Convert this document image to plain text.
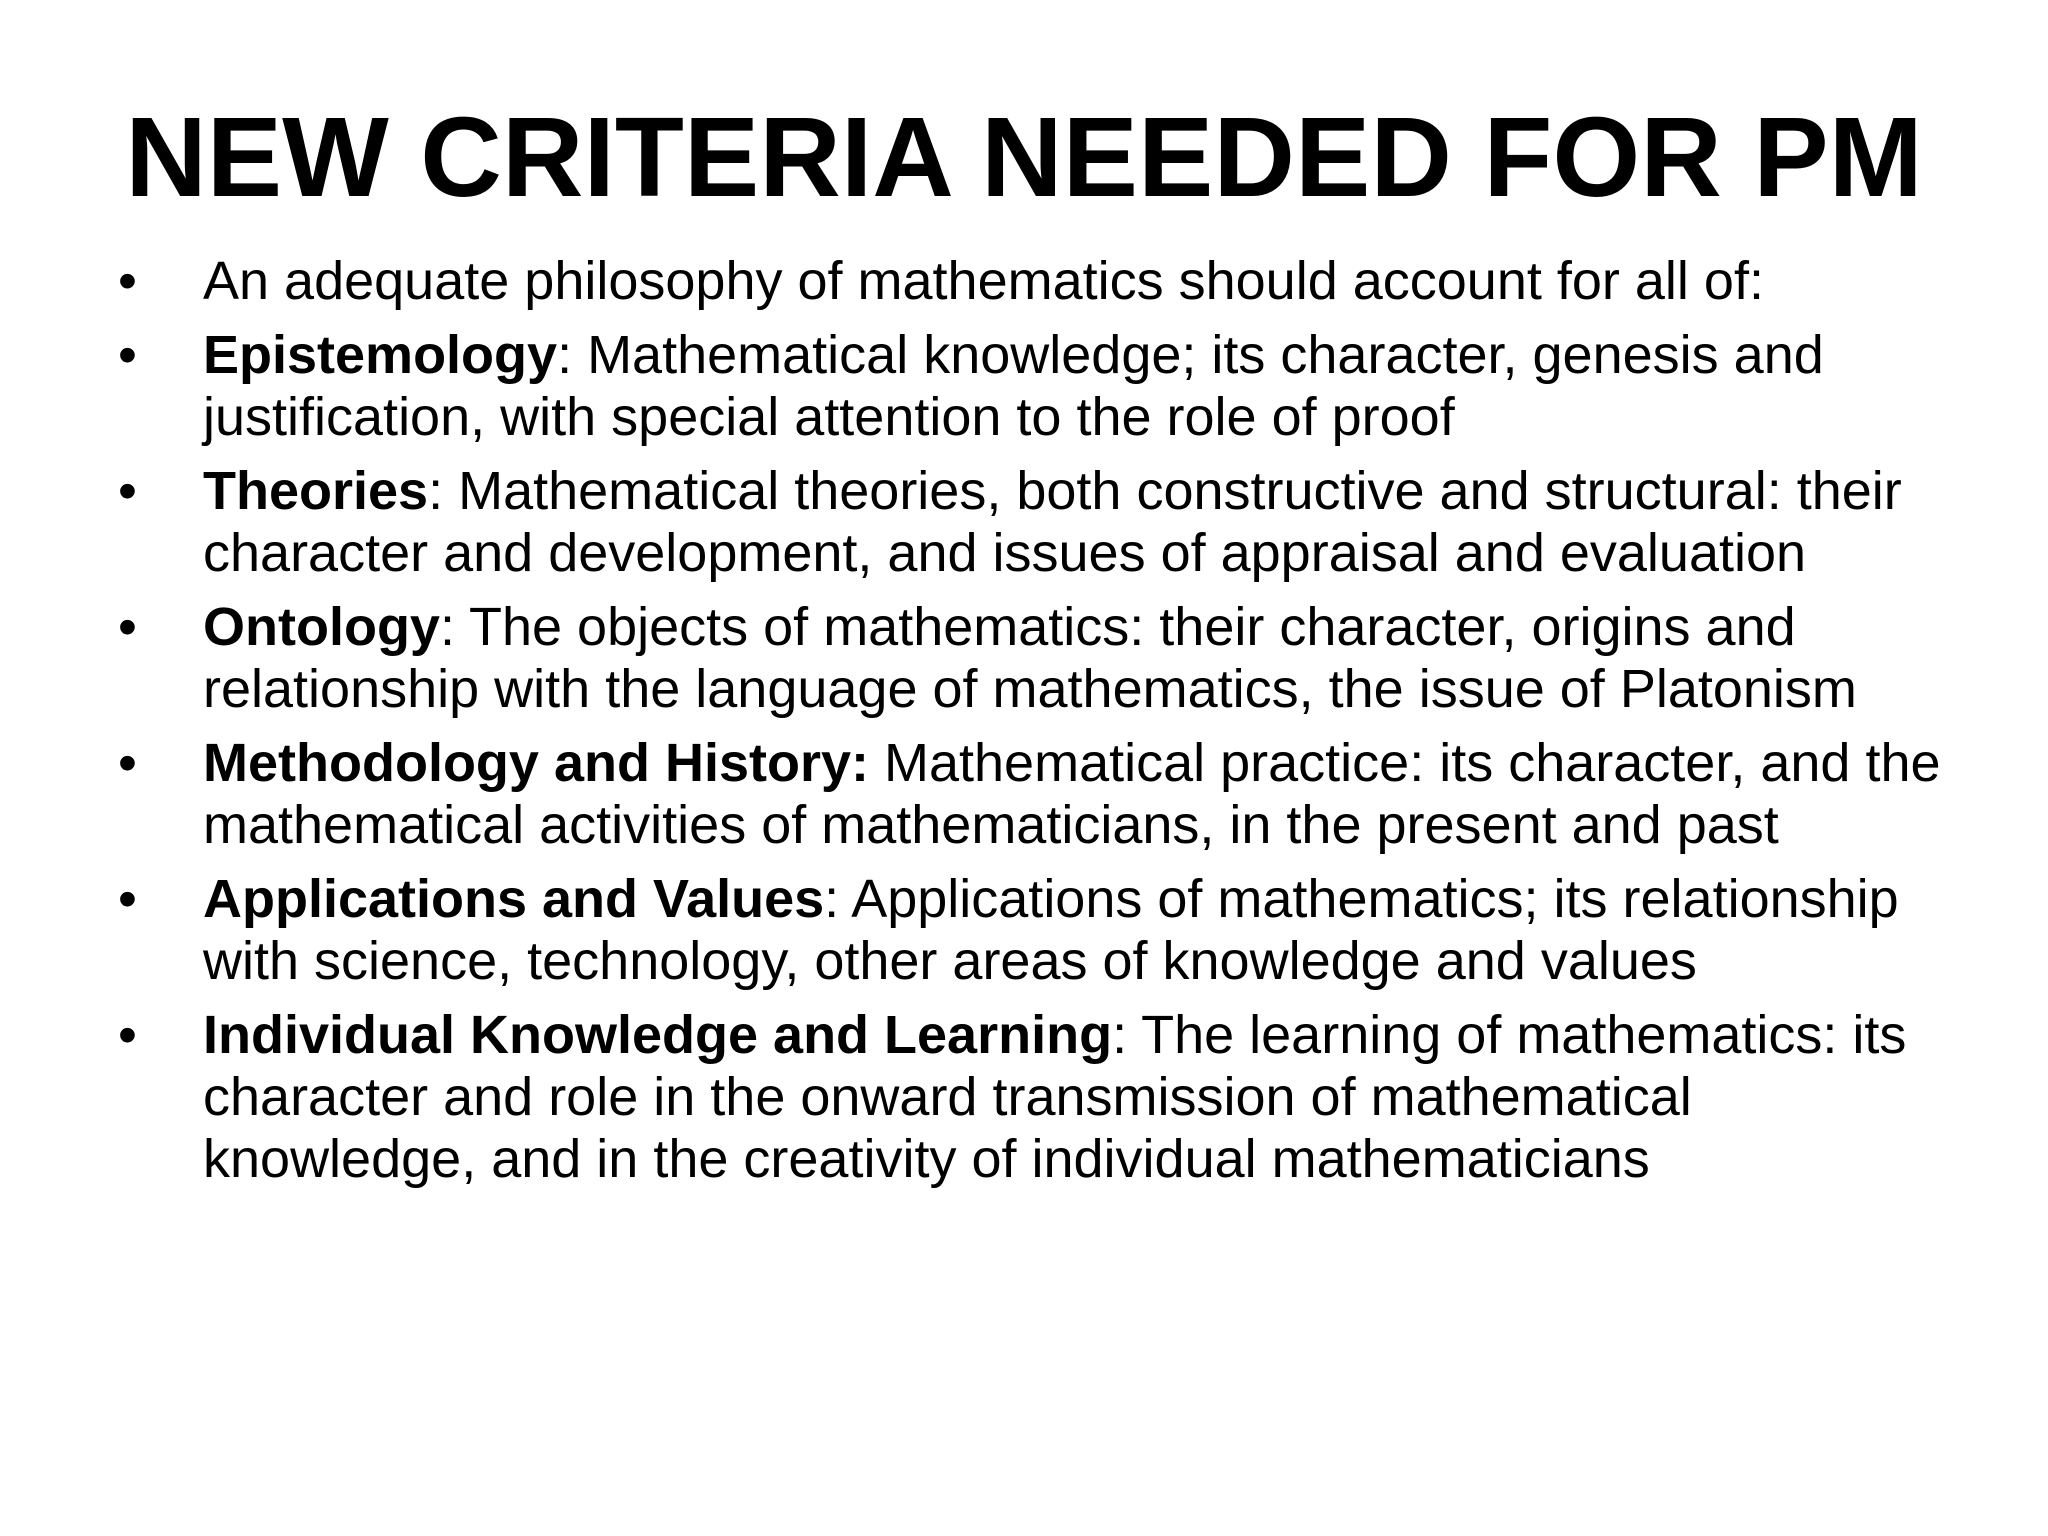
NEW CRITERIA NEEDED FOR PM
•	An adequate philosophy of mathematics should account for all of:
•	Epistemology: Mathematical knowledge; its character, genesis and justification, with special attention to the role of proof
•	Theories: Mathematical theories, both constructive and structural: their character and development, and issues of appraisal and evaluation
•	Ontology: The objects of mathematics: their character, origins and relationship with the language of mathematics, the issue of Platonism
•	Methodology and History: Mathematical practice: its character, and the mathematical activities of mathematicians, in the present and past
•	Applications and Values: Applications of mathematics; its relationship with science, technology, other areas of knowledge and values
•	Individual Knowledge and Learning: The learning of mathematics: its character and role in the onward transmission of mathematical knowledge, and in the creativity of individual mathematicians
